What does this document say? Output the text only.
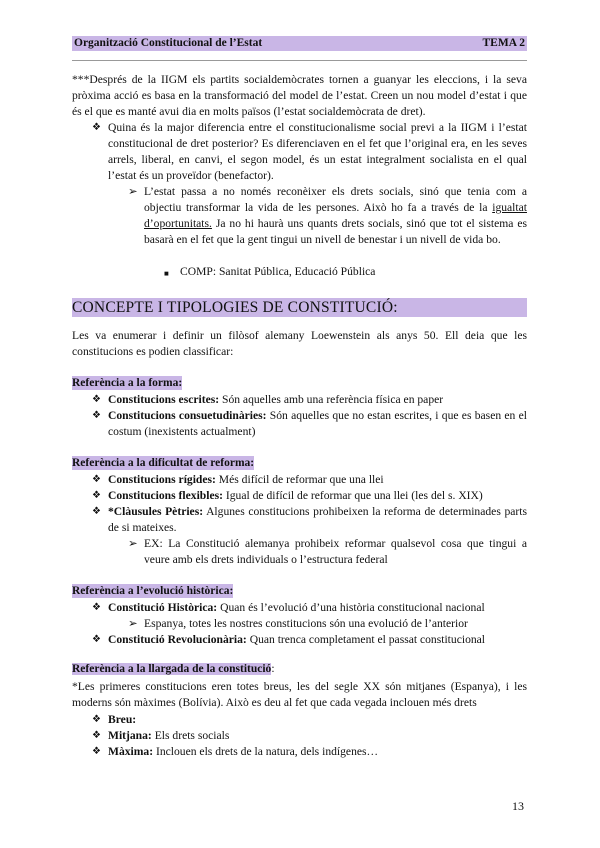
Organització Constitucional de l’Estat	TEMA 2
***Després de la IIGM els partits socialdemòcrates tornen a guanyar les eleccions, i la seva pròxima acció es basa en la transformació del model de l’estat. Creen un nou model d’estat i que és el que es manté avui dia en molts països (l’estat socialdemòcrata de dret).
❖ Quina és la major diferencia entre el constitucionalisme social previ a la IIGM i l’estat constitucional de dret posterior? Es diferenciaven en el fet que l’original era, en les seves arrels, liberal, en canvi, el segon model, és un estat integralment socialista en el qual l’estat és un proveïdor (benefactor).
➢ L’estat passa a no només reconèixer els drets socials, sinó que tenia com a objectiu transformar la vida de les persones. Això ho fa a través de la igualtat d’oportunitats. Ja no hi haurà uns quants drets socials, sinó que tot el sistema es basarà en el fet que la gent tingui un nivell de benestar i un nivell de vida bo.
■ COMP: Sanitat Pública, Educació Pública
CONCEPTE I TIPOLOGIES DE CONSTITUCIÓ:
Les va enumerar i definir un filòsof alemany Loewenstein als anys 50. Ell deia que les constitucions es podien classificar:
Referència a la forma:
❖ Constitucions escrites: Són aquelles amb una referència física en paper
❖ Constitucions consuetudinàries: Són aquelles que no estan escrites, i que es basen en el costum (inexistents actualment)
Referència a la dificultat de reforma:
❖ Constitucions rígides: Més difícil de reformar que una llei
❖ Constitucions flexibles: Igual de difícil de reformar que una llei (les del s. XIX)
❖ *Clàusules Pètries: Algunes constitucions prohibeixen la reforma de determinades parts de si mateixes.
➢ EX: La Constitució alemanya prohibeix reformar qualsevol cosa que tingui a veure amb els drets individuals o l’estructura federal
Referència a l’evolució històrica:
❖ Constitució Històrica: Quan és l’evolució d’una història constitucional nacional
➢ Espanya, totes les nostres constitucions són una evolució de l’anterior
❖ Constitució Revolucionària: Quan trenca completament el passat constitucional
Referència a la llargada de la constitució:
*Les primeres constitucions eren totes breus, les del segle XX són mitjanes (Espanya), i les moderns són màximes (Bolívia). Això es deu al fet que cada vegada inclouen més drets
❖ Breu:
❖ Mitjana: Els drets socials
❖ Màxima: Inclouen els drets de la natura, dels indígenes…
13
